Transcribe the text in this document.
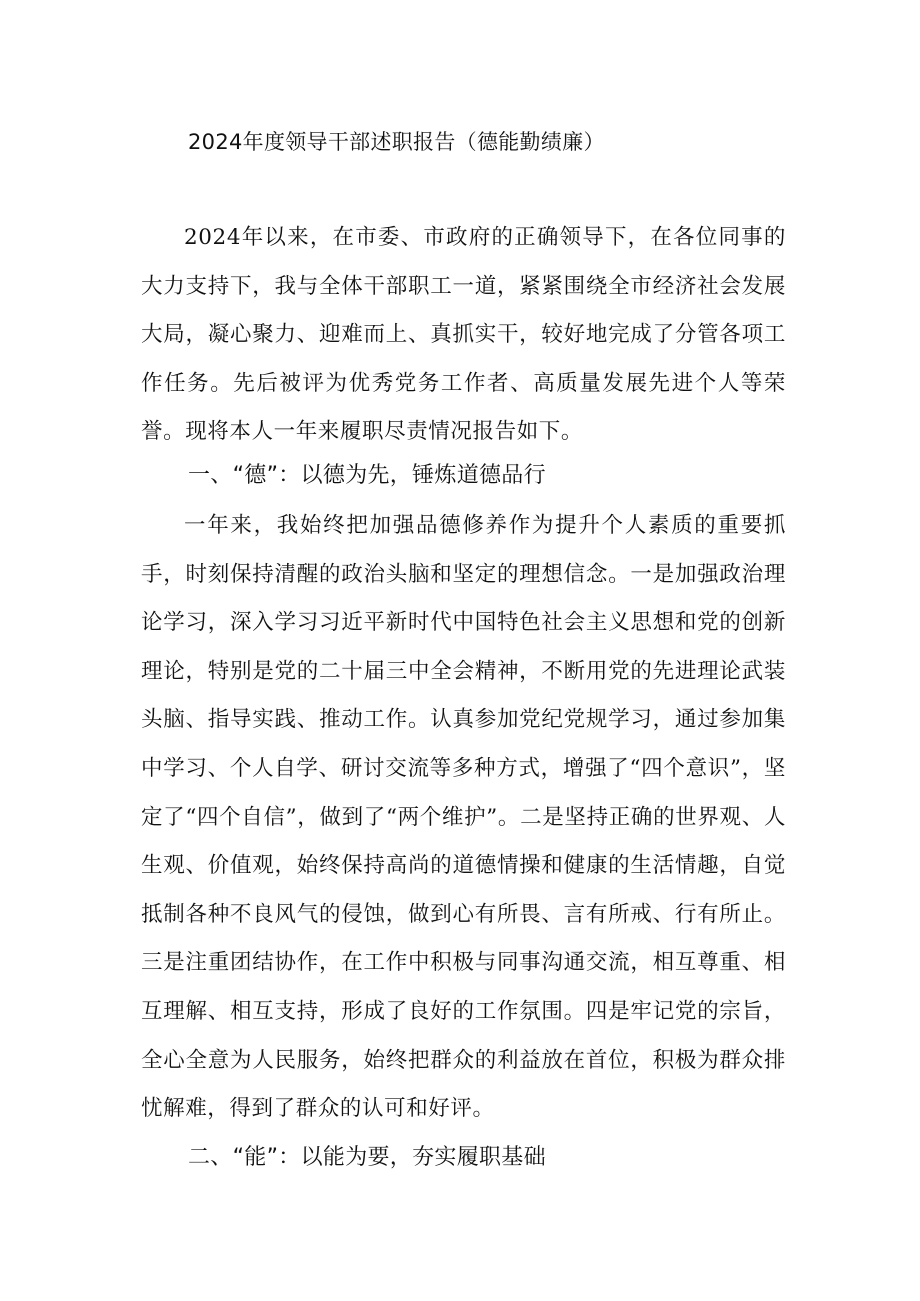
2024年度领导干部述职报告（德能勤绩廉）

2024年以来，在市委、市政府的正确领导下，在各位同事的大力支持下，我与全体干部职工一道，紧紧围绕全市经济社会发展大局，凝心聚力、迎难而上、真抓实干，较好地完成了分管各项工作任务。先后被评为优秀党务工作者、高质量发展先进个人等荣誉。现将本人一年来履职尽责情况报告如下。

一、“德”：以德为先，锤炼道德品行

一年来，我始终把加强品德修养作为提升个人素质的重要抓手，时刻保持清醒的政治头脑和坚定的理想信念。一是加强政治理论学习，深入学习习近平新时代中国特色社会主义思想和党的创新理论，特别是党的二十届三中全会精神，不断用党的先进理论武装头脑、指导实践、推动工作。认真参加党纪党规学习，通过参加集中学习、个人自学、研讨交流等多种方式，增强了“四个意识”，坚定了“四个自信”，做到了“两个维护”。二是坚持正确的世界观、人生观、价值观，始终保持高尚的道德情操和健康的生活情趣，自觉抵制各种不良风气的侵蚀，做到心有所畏、言有所戒、行有所止。三是注重团结协作，在工作中积极与同事沟通交流，相互尊重、相互理解、相互支持，形成了良好的工作氛围。四是牢记党的宗旨，全心全意为人民服务，始终把群众的利益放在首位，积极为群众排忧解难，得到了群众的认可和好评。

二、“能”：以能为要，夯实履职基础
